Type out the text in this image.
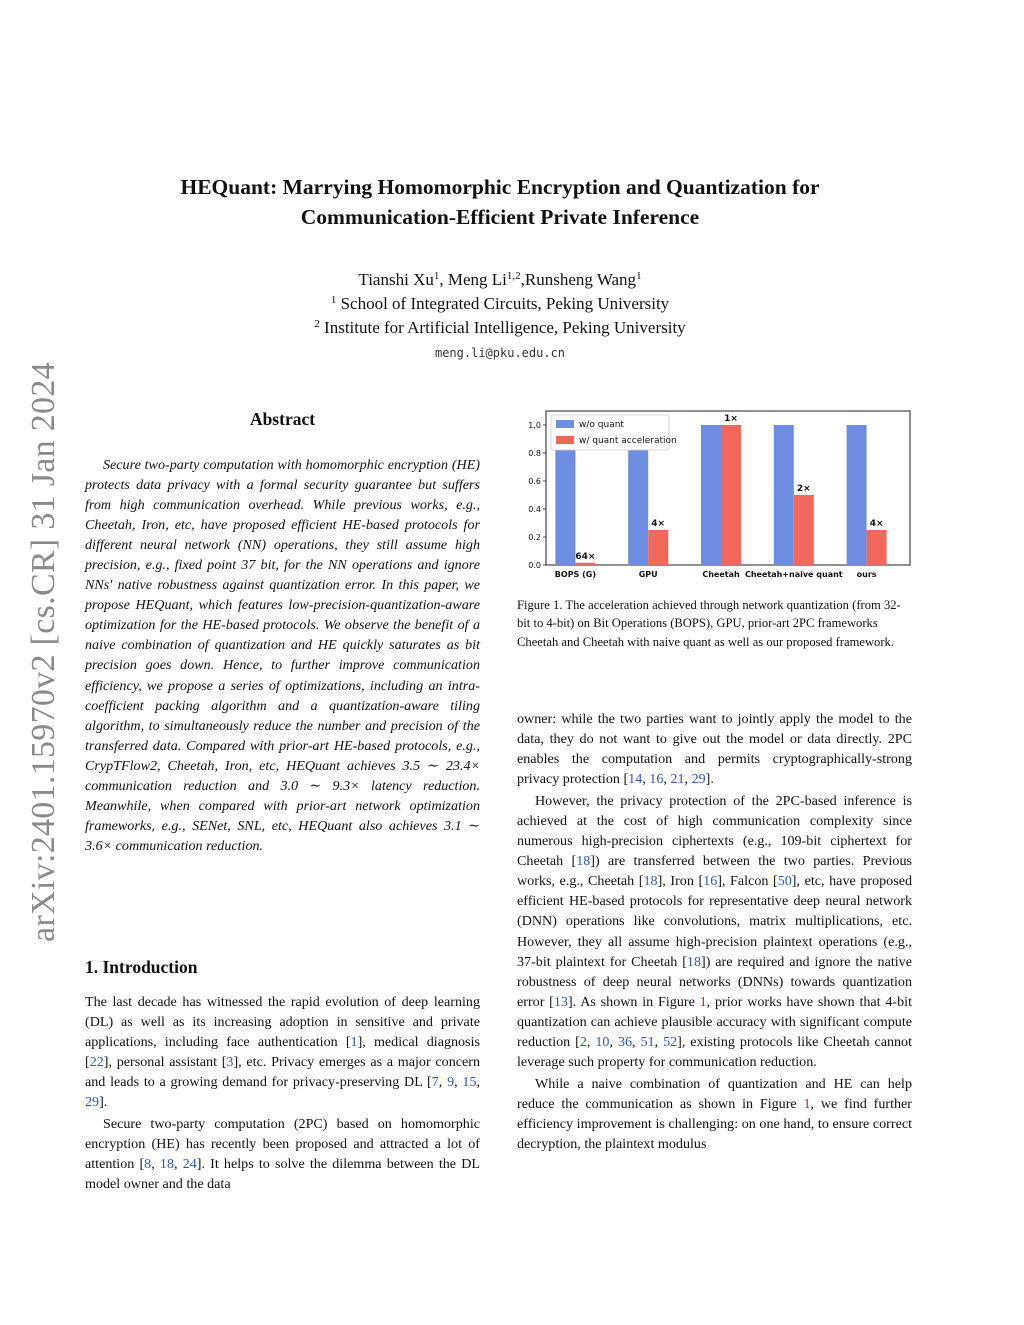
arXiv:2401.15970v2 [cs.CR] 31 Jan 2024
HEQuant: Marrying Homomorphic Encryption and Quantization for
Communication-Efficient Private Inference
Tianshi Xu$^1$, Meng Li$^{1,2}$,Runsheng Wang$^1$
$^1$ School of Integrated Circuits, Peking University
$^2$ Institute for Artificial Intelligence, Peking University
meng.li@pku.edu.cn
Abstract

Secure two-party computation with homomorphic encryption (HE) protects data privacy with a formal security guarantee but suffers from high communication overhead. While previous works, e.g., Cheetah, Iron, etc, have proposed efficient HE-based protocols for different neural network (NN) operations, they still assume high precision, e.g., fixed point 37 bit, for the NN operations and ignore NNs' native robustness against quantization error. In this paper, we propose HEQuant, which features low-precision-quantization-aware optimization for the HE-based protocols. We observe the benefit of a naive combination of quantization and HE quickly saturates as bit precision goes down. Hence, to further improve communication efficiency, we propose a series of optimizations, including an intra-coefficient packing algorithm and a quantization-aware tiling algorithm, to simultaneously reduce the number and precision of the transferred data. Compared with prior-art HE-based protocols, e.g., CrypTFlow2, Cheetah, Iron, etc, HEQuant achieves 3.5 ∼ 23.4× communication reduction and 3.0 ∼ 9.3× latency reduction. Meanwhile, when compared with prior-art network optimization frameworks, e.g., SENet, SNL, etc, HEQuant also achieves 3.1 ∼ 3.6× communication reduction.

1. Introduction

The last decade has witnessed the rapid evolution of deep learning (DL) as well as its increasing adoption in sensitive and private applications, including face authentication [1], medical diagnosis [22], personal assistant [3], etc. Privacy emerges as a major concern and leads to a growing demand for privacy-preserving DL [7, 9, 15, 29].

Secure two-party computation (2PC) based on homomorphic encryption (HE) has recently been proposed and attracted a lot of attention [8, 18, 24]. It helps to solve the dilemma between the DL model owner and the data

0.0
0.2
0.4
0.6
0.8
1.0
64×
4×
1×
2×
4×
BOPS (G)	GPU	Cheetah Cheetah+naive quant ours
w/o quant
w/ quant acceleration
Figure 1. The acceleration achieved through network quantization (from 32-bit to 4-bit) on Bit Operations (BOPS), GPU, prior-art 2PC frameworks Cheetah and Cheetah with naive quant as well as our proposed framework.

owner: while the two parties want to jointly apply the model to the data, they do not want to give out the model or data directly. 2PC enables the computation and permits cryptographically-strong privacy protection [14, 16, 21, 29].

However, the privacy protection of the 2PC-based inference is achieved at the cost of high communication complexity since numerous high-precision ciphertexts (e.g., 109-bit ciphertext for Cheetah [18]) are transferred between the two parties. Previous works, e.g., Cheetah [18], Iron [16], Falcon [50], etc, have proposed efficient HE-based protocols for representative deep neural network (DNN) operations like convolutions, matrix multiplications, etc. However, they all assume high-precision plaintext operations (e.g., 37-bit plaintext for Cheetah [18]) are required and ignore the native robustness of deep neural networks (DNNs) towards quantization error [13]. As shown in Figure 1, prior works have shown that 4-bit quantization can achieve plausible accuracy with significant compute reduction [2, 10, 36, 51, 52], existing protocols like Cheetah cannot leverage such property for communication reduction.

While a naive combination of quantization and HE can help reduce the communication as shown in Figure 1, we find further efficiency improvement is challenging: on one hand, to ensure correct decryption, the plaintext modulus
